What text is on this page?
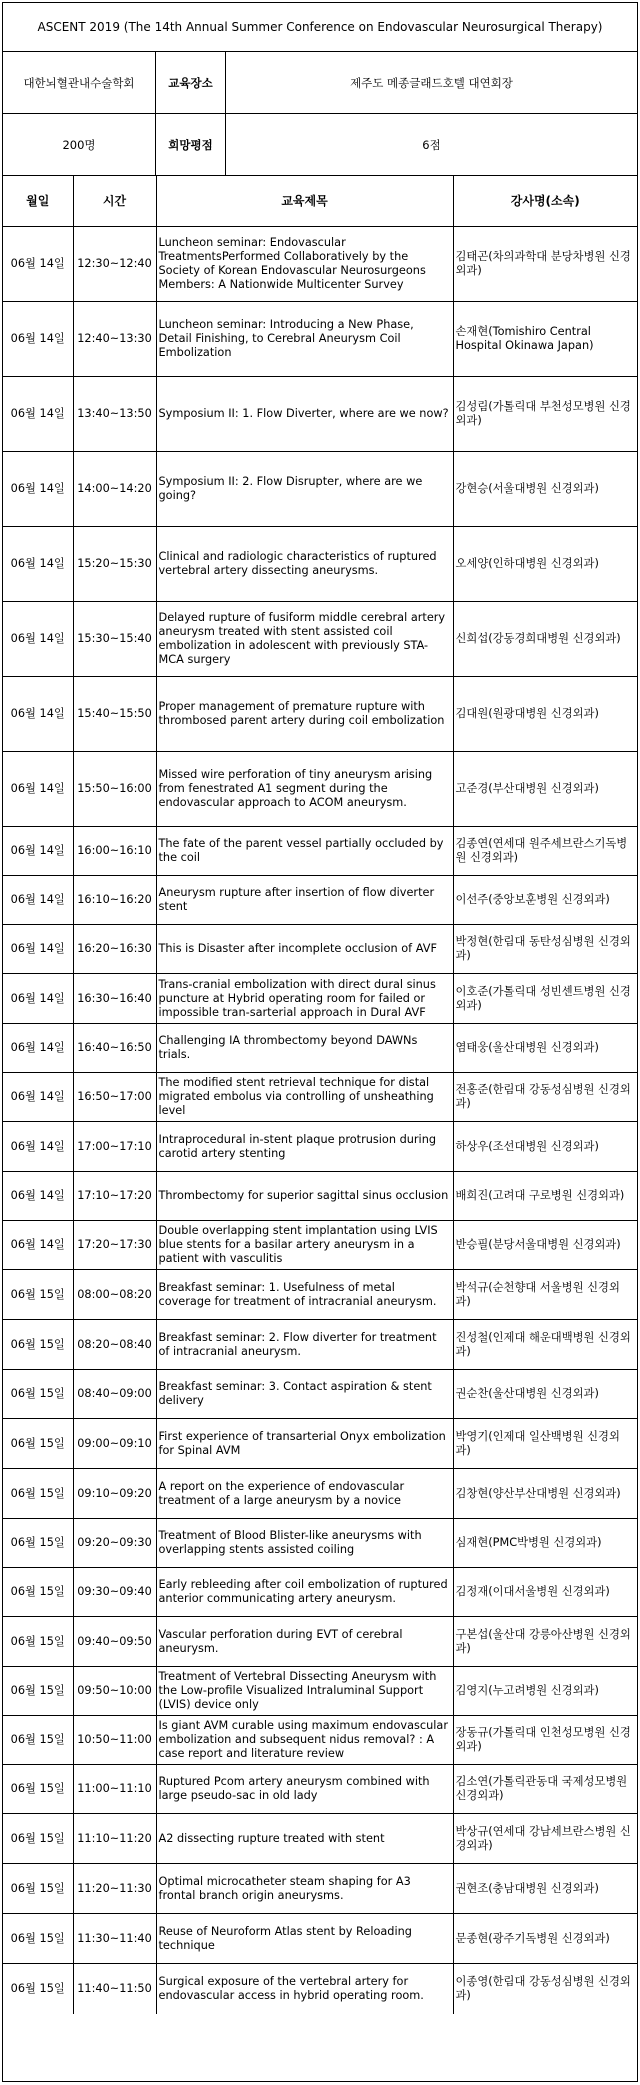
ASCENT 2019 (The 14th Annual Summer Conference on Endovascular Neurosurgical Therapy)
대한뇌혈관내수술학회	교육장소	제주도 메종글래드호텔 대연회장
200명	희망평점	6점
월일	시간	교육제목	강사명(소속)
06월 14일	12:30~12:40	Luncheon seminar: Endovascular TreatmentsPerformed Collaboratively by the Society of Korean Endovascular Neurosurgeons Members: A Nationwide Multicenter Survey	김태곤(차의과학대 분당차병원 신경외과)
06월 14일	12:40~13:30	Luncheon seminar: Introducing a New Phase, Detail Finishing, to Cerebral Aneurysm Coil Embolization	손재현(Tomishiro Central Hospital Okinawa Japan)
06월 14일	13:40~13:50	Symposium II: 1. Flow Diverter, where are we now?	김성림(가톨릭대 부천성모병원 신경외과)
06월 14일	14:00~14:20	Symposium II: 2. Flow Disrupter, where are we going?	강현승(서울대병원 신경외과)
06월 14일	15:20~15:30	Clinical and radiologic characteristics of ruptured vertebral artery dissecting aneurysms.	오세양(인하대병원 신경외과)
06월 14일	15:30~15:40	Delayed rupture of fusiform middle cerebral artery aneurysm treated with stent assisted coil embolization in adolescent with previously STA-MCA surgery	신희섭(강동경희대병원 신경외과)
06월 14일	15:40~15:50	Proper management of premature rupture with thrombosed parent artery during coil embolization	김대원(원광대병원 신경외과)
06월 14일	15:50~16:00	Missed wire perforation of tiny aneurysm arising from fenestrated A1 segment during the endovascular approach to ACOM aneurysm.	고준경(부산대병원 신경외과)
06월 14일	16:00~16:10	The fate of the parent vessel partially occluded by the coil	김종연(연세대 원주세브란스기독병원 신경외과)
06월 14일	16:10~16:20	Aneurysm rupture after insertion of flow diverter stent	이선주(중앙보훈병원 신경외과)
06월 14일	16:20~16:30	This is Disaster after incomplete occlusion of AVF	박정현(한림대 동탄성심병원 신경외과)
06월 14일	16:30~16:40	Trans-cranial embolization with direct dural sinus puncture at Hybrid operating room for failed or impossible tran-sarterial approach in Dural AVF	이호준(가톨릭대 성빈센트병원 신경외과)
06월 14일	16:40~16:50	Challenging IA thrombectomy beyond DAWNs trials.	염태웅(울산대병원 신경외과)
06월 14일	16:50~17:00	The modified stent retrieval technique for distal migrated embolus via controlling of unsheathing level	전홍준(한림대 강동성심병원 신경외과)
06월 14일	17:00~17:10	Intraprocedural in-stent plaque protrusion during carotid artery stenting	하상우(조선대병원 신경외과)
06월 14일	17:10~17:20	Thrombectomy for superior sagittal sinus occlusion	배희진(고려대 구로병원 신경외과)
06월 14일	17:20~17:30	Double overlapping stent implantation using LVIS blue stents for a basilar artery aneurysm in a patient with vasculitis	반승필(분당서울대병원 신경외과)
06월 15일	08:00~08:20	Breakfast seminar: 1. Usefulness of metal coverage for treatment of intracranial aneurysm.	박석규(순천향대 서울병원 신경외과)
06월 15일	08:20~08:40	Breakfast seminar: 2. Flow diverter for treatment of intracranial aneurysm.	진성철(인제대 해운대백병원 신경외과)
06월 15일	08:40~09:00	Breakfast seminar: 3. Contact aspiration & stent delivery	권순찬(울산대병원 신경외과)
06월 15일	09:00~09:10	First experience of transarterial Onyx embolization for Spinal AVM	박영기(인제대 일산백병원 신경외과)
06월 15일	09:10~09:20	A report on the experience of endovascular treatment of a large aneurysm by a novice	김창현(양산부산대병원 신경외과)
06월 15일	09:20~09:30	Treatment of Blood Blister-like aneurysms with overlapping stents assisted coiling	심재현(PMC박병원 신경외과)
06월 15일	09:30~09:40	Early rebleeding after coil embolization of ruptured anterior communicating artery aneurysm.	김정재(이대서울병원 신경외과)
06월 15일	09:40~09:50	Vascular perforation during EVT of cerebral aneurysm.	구본섭(울산대 강릉아산병원 신경외과)
06월 15일	09:50~10:00	Treatment of Vertebral Dissecting Aneurysm with the Low-profile Visualized Intraluminal Support (LVIS) device only	김영지(누고려병원 신경외과)
06월 15일	10:50~11:00	Is giant AVM curable using maximum endovascular embolization and subsequent nidus removal? : A case report and literature review	장동규(가톨릭대 인천성모병원 신경외과)
06월 15일	11:00~11:10	Ruptured Pcom artery aneurysm combined with large pseudo-sac in old lady	김소연(가톨릭관동대 국제성모병원 신경외과)
06월 15일	11:10~11:20	A2 dissecting rupture treated with stent	박상규(연세대 강남세브란스병원 신경외과)
06월 15일	11:20~11:30	Optimal microcatheter steam shaping for A3 frontal branch origin aneurysms.	권현조(충남대병원 신경외과)
06월 15일	11:30~11:40	Reuse of Neuroform Atlas stent by Reloading technique	문종현(광주기독병원 신경외과)
06월 15일	11:40~11:50	Surgical exposure of the vertebral artery for endovascular access in hybrid operating room.	이종영(한림대 강동성심병원 신경외과)
